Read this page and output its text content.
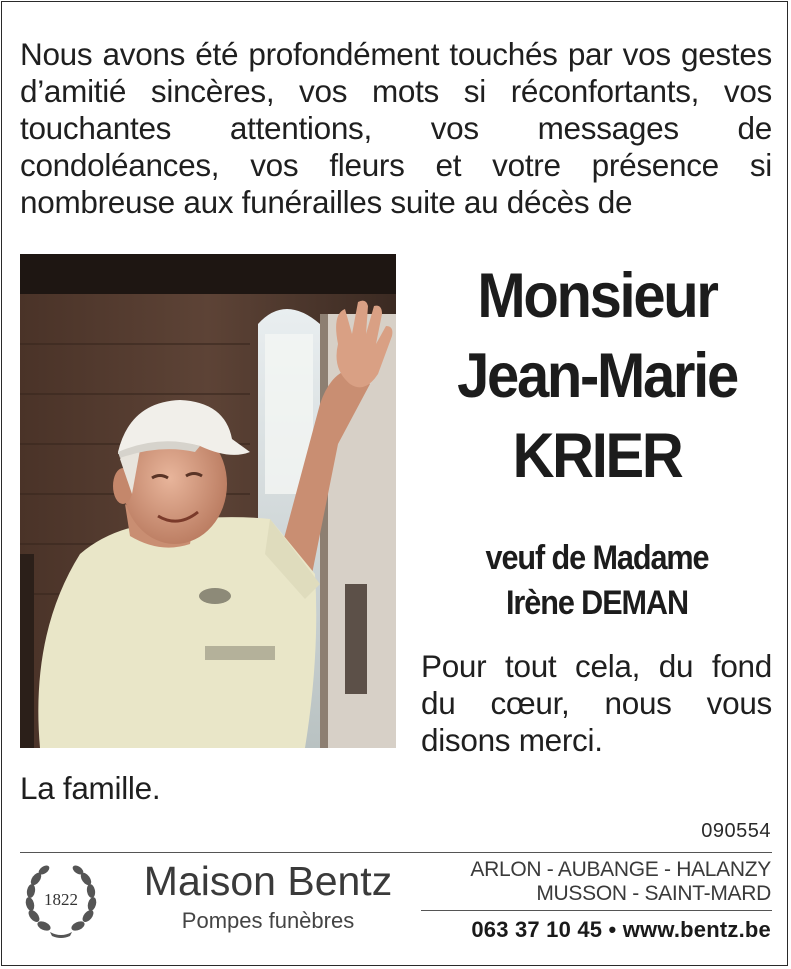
Nous avons été profondément touchés par vos gestes d’amitié sincères, vos mots si réconfortants, vos touchantes attentions, vos messages de condoléances, vos fleurs et votre présence si nombreuse aux funérailles suite au décès de
Monsieur
Jean-Marie
KRIER
veuf de Madame
Irène DEMAN
Pour tout cela, du fond du cœur, nous vous disons merci.
La famille.
090554
1822	Maison Bentz
Pompes funèbres
ARLON - AUBANGE - HALANZY
MUSSON - SAINT-MARD
063 37 10 45 • www.bentz.be
